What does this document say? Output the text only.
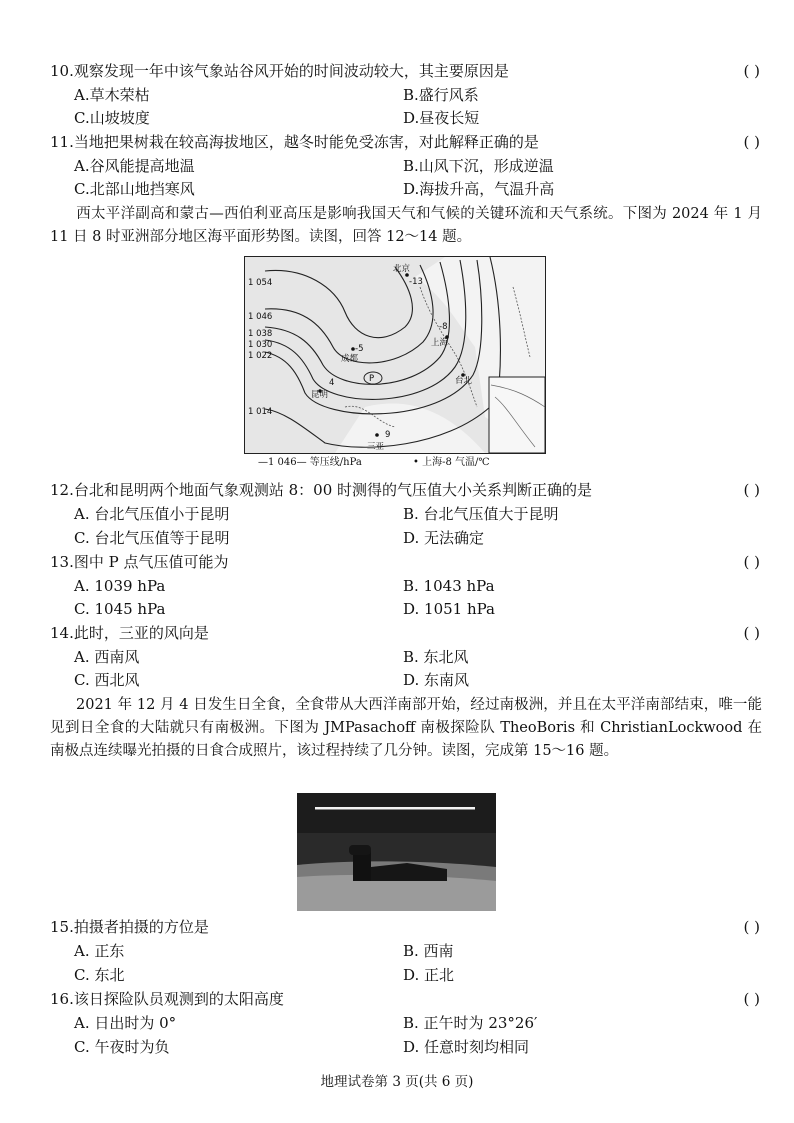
10.观察发现一年中该气象站谷风开始的时间波动较大，其主要原因是	( )
A.草木荣枯	B.盛行风系
C.山坡坡度	D.昼夜长短
11.当地把果树栽在较高海拔地区，越冬时能免受冻害，对此解释正确的是	( )
A.谷风能提高地温	B.山风下沉，形成逆温
C.北部山地挡寒风	D.海拔升高，气温升高
西太平洋副高和蒙古—西伯利亚高压是影响我国天气和气候的关键环流和天气系统。下图为 2024 年 1 月 11 日 8 时亚洲部分地区海平面形势图。读图，回答 12～14 题。
1 054
1 046
1 038
1 030
1 022
1 014
北京
-13
成都
-5
上海
-8
台北
昆明
4
三亚
9
P
—1 046— 等压线/hPa	• 上海-8 气温/℃
12.台北和昆明两个地面气象观测站 8：00 时测得的气压值大小关系判断正确的是	( )
A. 台北气压值小于昆明	B. 台北气压值大于昆明
C. 台北气压值等于昆明	D. 无法确定
13.图中 P 点气压值可能为	( )
A. 1039 hPa	B. 1043 hPa
C. 1045 hPa	D. 1051 hPa
14.此时，三亚的风向是	( )
A. 西南风	B. 东北风
C. 西北风	D. 东南风
2021 年 12 月 4 日发生日全食，全食带从大西洋南部开始，经过南极洲，并且在太平洋南部结束，唯一能见到日全食的大陆就只有南极洲。下图为 JMPasachoff 南极探险队 TheoBoris 和 ChristianLockwood 在南极点连续曝光拍摄的日食合成照片，该过程持续了几分钟。读图，完成第 15～16 题。
15.拍摄者拍摄的方位是	( )
A. 正东	B. 西南
C. 东北	D. 正北
16.该日探险队员观测到的太阳高度	( )
A. 日出时为 0°	B. 正午时为 23°26′
C. 午夜时为负	D. 任意时刻均相同
地理试卷第 3 页(共 6 页)
